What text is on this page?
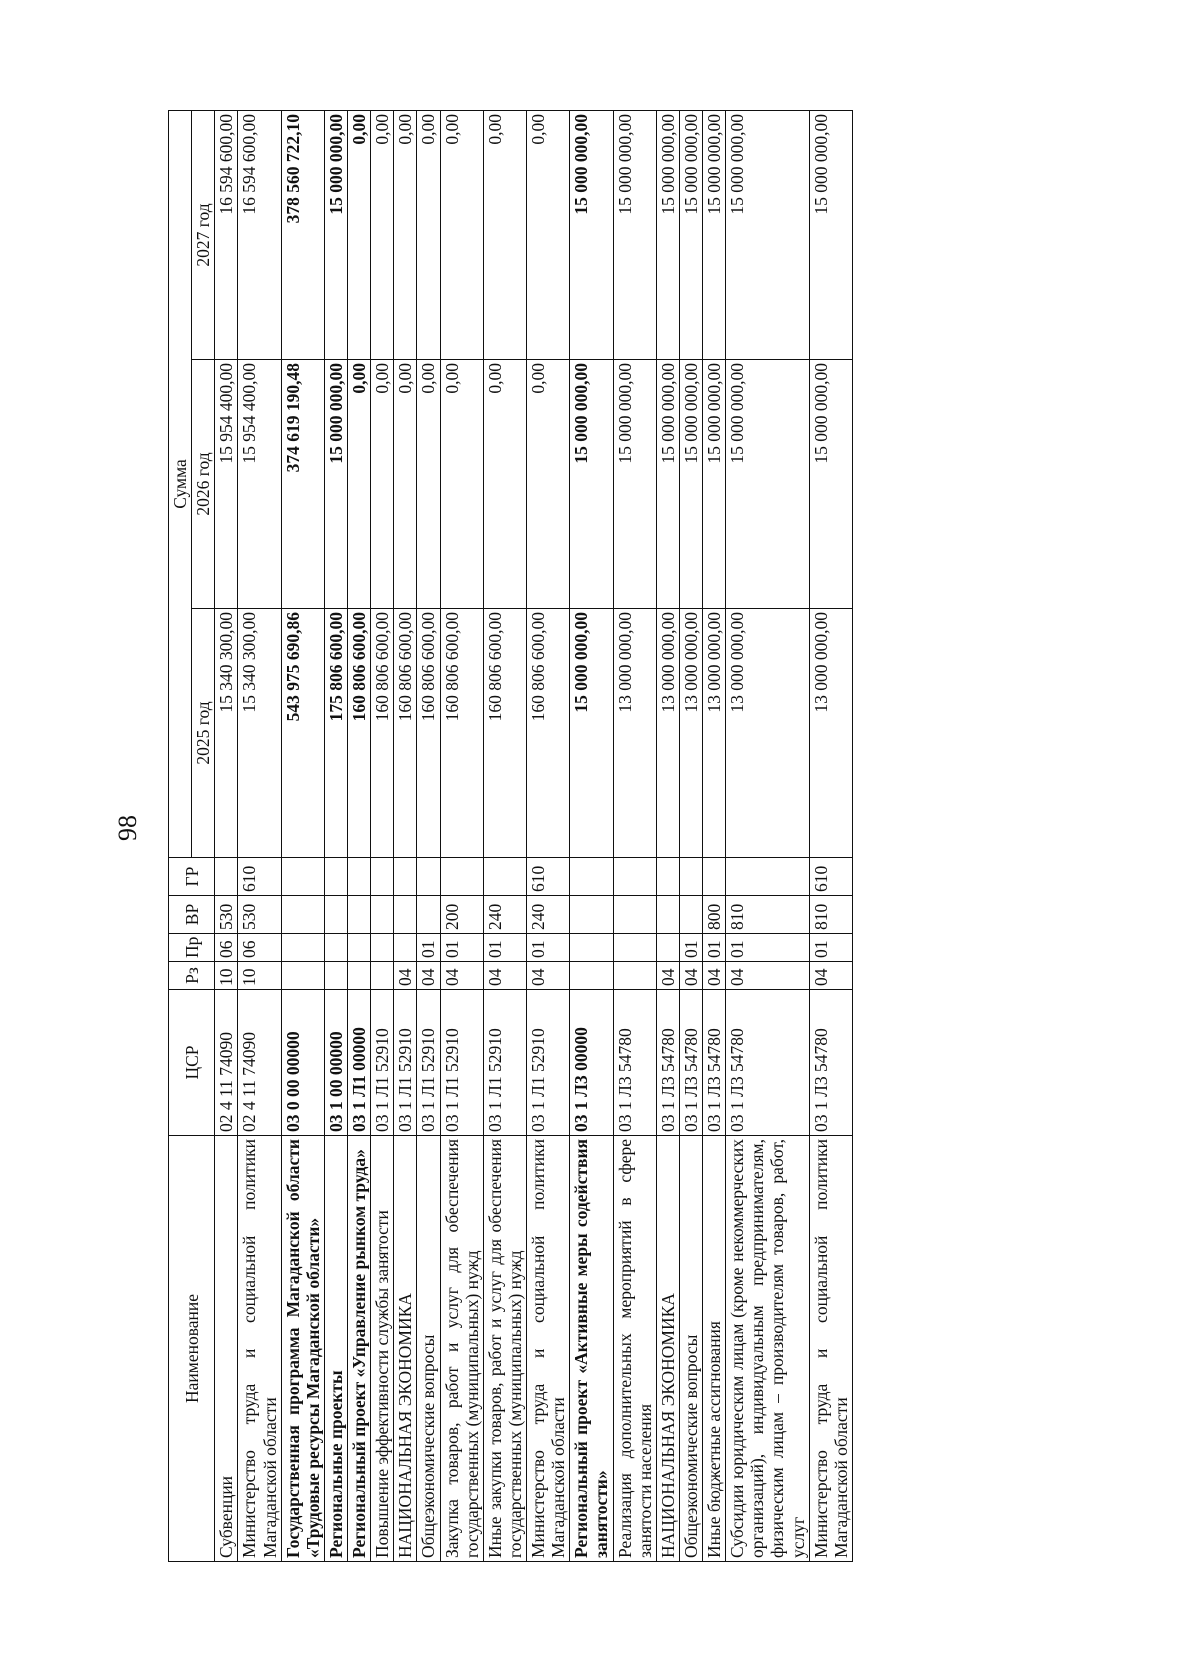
98
Наименование	ЦСР	Рз	Пр	ВР	ГР	Сумма		
						2025 год	2026 год	2027 год
Субвенции	02 4 11 74090	10	06	530		15 340 300,00	15 954 400,00	16 594 600,00
Министерство труда и социальной политики Магаданской области	02 4 11 74090	10	06	530	610	15 340 300,00	15 954 400,00	16 594 600,00
Государственная программа Магаданской области «Трудовые ресурсы Магаданской области»	03 0 00 00000					543 975 690,86	374 619 190,48	378 560 722,10
Региональные проекты	03 1 00 00000					175 806 600,00	15 000 000,00	15 000 000,00
Региональный проект «Управление рынком труда»	03 1 Л1 00000					160 806 600,00	0,00	0,00
Повышение эффективности службы занятости	03 1 Л1 52910					160 806 600,00	0,00	0,00
НАЦИОНАЛЬНАЯ ЭКОНОМИКА	03 1 Л1 52910	04				160 806 600,00	0,00	0,00
Общеэкономические вопросы	03 1 Л1 52910	04	01			160 806 600,00	0,00	0,00
Закупка товаров, работ и услуг для обеспечения государственных (муниципальных) нужд	03 1 Л1 52910	04	01	200		160 806 600,00	0,00	0,00
Иные закупки товаров, работ и услуг для обеспечения государственных (муниципальных) нужд	03 1 Л1 52910	04	01	240		160 806 600,00	0,00	0,00
Министерство труда и социальной политики Магаданской области	03 1 Л1 52910	04	01	240	610	160 806 600,00	0,00	0,00
Региональный проект «Активные меры содействия занятости»	03 1 Л3 00000					15 000 000,00	15 000 000,00	15 000 000,00
Реализация дополнительных мероприятий в сфере занятости населения	03 1 Л3 54780					13 000 000,00	15 000 000,00	15 000 000,00
НАЦИОНАЛЬНАЯ ЭКОНОМИКА	03 1 Л3 54780	04				13 000 000,00	15 000 000,00	15 000 000,00
Общеэкономические вопросы	03 1 Л3 54780	04	01			13 000 000,00	15 000 000,00	15 000 000,00
Иные бюджетные ассигнования	03 1 Л3 54780	04	01	800		13 000 000,00	15 000 000,00	15 000 000,00
Субсидии юридическим лицам (кроме некоммерческих организаций), индивидуальным предпринимателям, физическим лицам – производителям товаров, работ, услуг	03 1 Л3 54780	04	01	810		13 000 000,00	15 000 000,00	15 000 000,00
Министерство труда и социальной политики Магаданской области	03 1 Л3 54780	04	01	810	610	13 000 000,00	15 000 000,00	15 000 000,00
